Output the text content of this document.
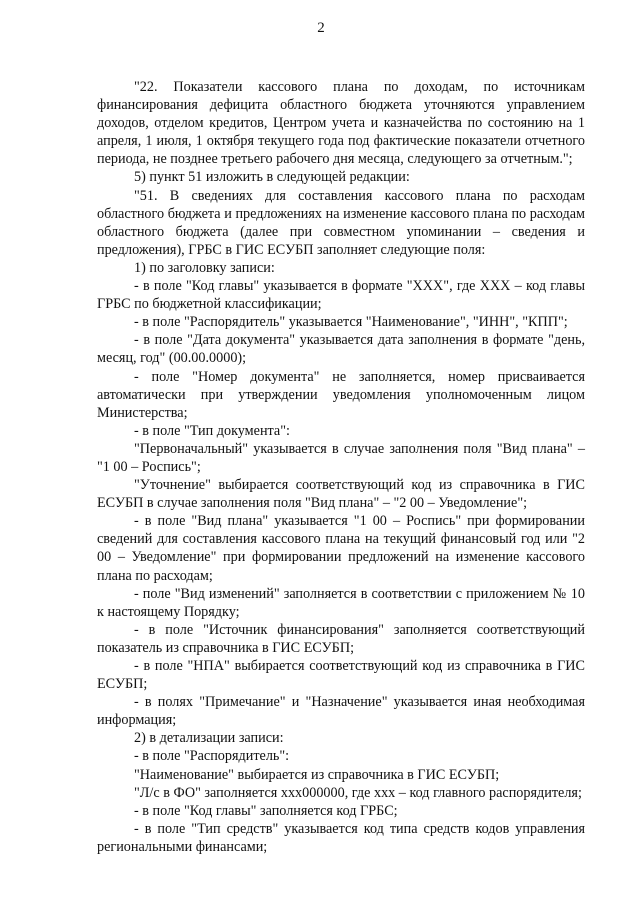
2

"22. Показатели кассового плана по доходам, по источникам финансирования дефицита областного бюджета уточняются управлением доходов, отделом кредитов, Центром учета и казначейства по состоянию на 1 апреля, 1 июля, 1 октября текущего года под фактические показатели отчетного периода, не позднее третьего рабочего дня месяца, следующего за отчетным.";

5) пункт 51 изложить в следующей редакции:

"51. В сведениях для составления кассового плана по расходам областного бюджета и предложениях на изменение кассового плана по расходам областного бюджета (далее при совместном упоминании – сведения и предложения), ГРБС в ГИС ЕСУБП заполняет следующие поля:

1) по заголовку записи:

- в поле "Код главы" указывается в формате "ХХХ", где ХХХ – код главы ГРБС по бюджетной классификации;

- в поле "Распорядитель" указывается "Наименование", "ИНН", "КПП";

- в поле "Дата документа" указывается дата заполнения в формате "день, месяц, год" (00.00.0000);

- поле "Номер документа" не заполняется, номер присваивается автоматически при утверждении уведомления уполномоченным лицом Министерства;

- в поле "Тип документа":

"Первоначальный" указывается в случае заполнения поля "Вид плана" – "1 00 – Роспись";

"Уточнение" выбирается соответствующий код из справочника в ГИС ЕСУБП в случае заполнения поля "Вид плана" – "2 00 – Уведомление";

- в поле "Вид плана" указывается "1 00 – Роспись" при формировании сведений для составления кассового плана на текущий финансовый год или "2 00 – Уведомление" при формировании предложений на изменение кассового плана по расходам;

- поле "Вид изменений" заполняется в соответствии с приложением № 10 к настоящему Порядку;

- в поле "Источник финансирования" заполняется соответствующий показатель из справочника в ГИС ЕСУБП;

- в поле "НПА" выбирается соответствующий код из справочника в ГИС ЕСУБП;

- в полях "Примечание" и "Назначение" указывается иная необходимая информация;

2) в детализации записи:

- в поле "Распорядитель":

"Наименование" выбирается из справочника в ГИС ЕСУБП;

"Л/с в ФО" заполняется ххх000000, где ххх – код главного распорядителя;

- в поле "Код главы" заполняется код ГРБС;

- в поле "Тип средств" указывается код типа средств кодов управления региональными финансами;
